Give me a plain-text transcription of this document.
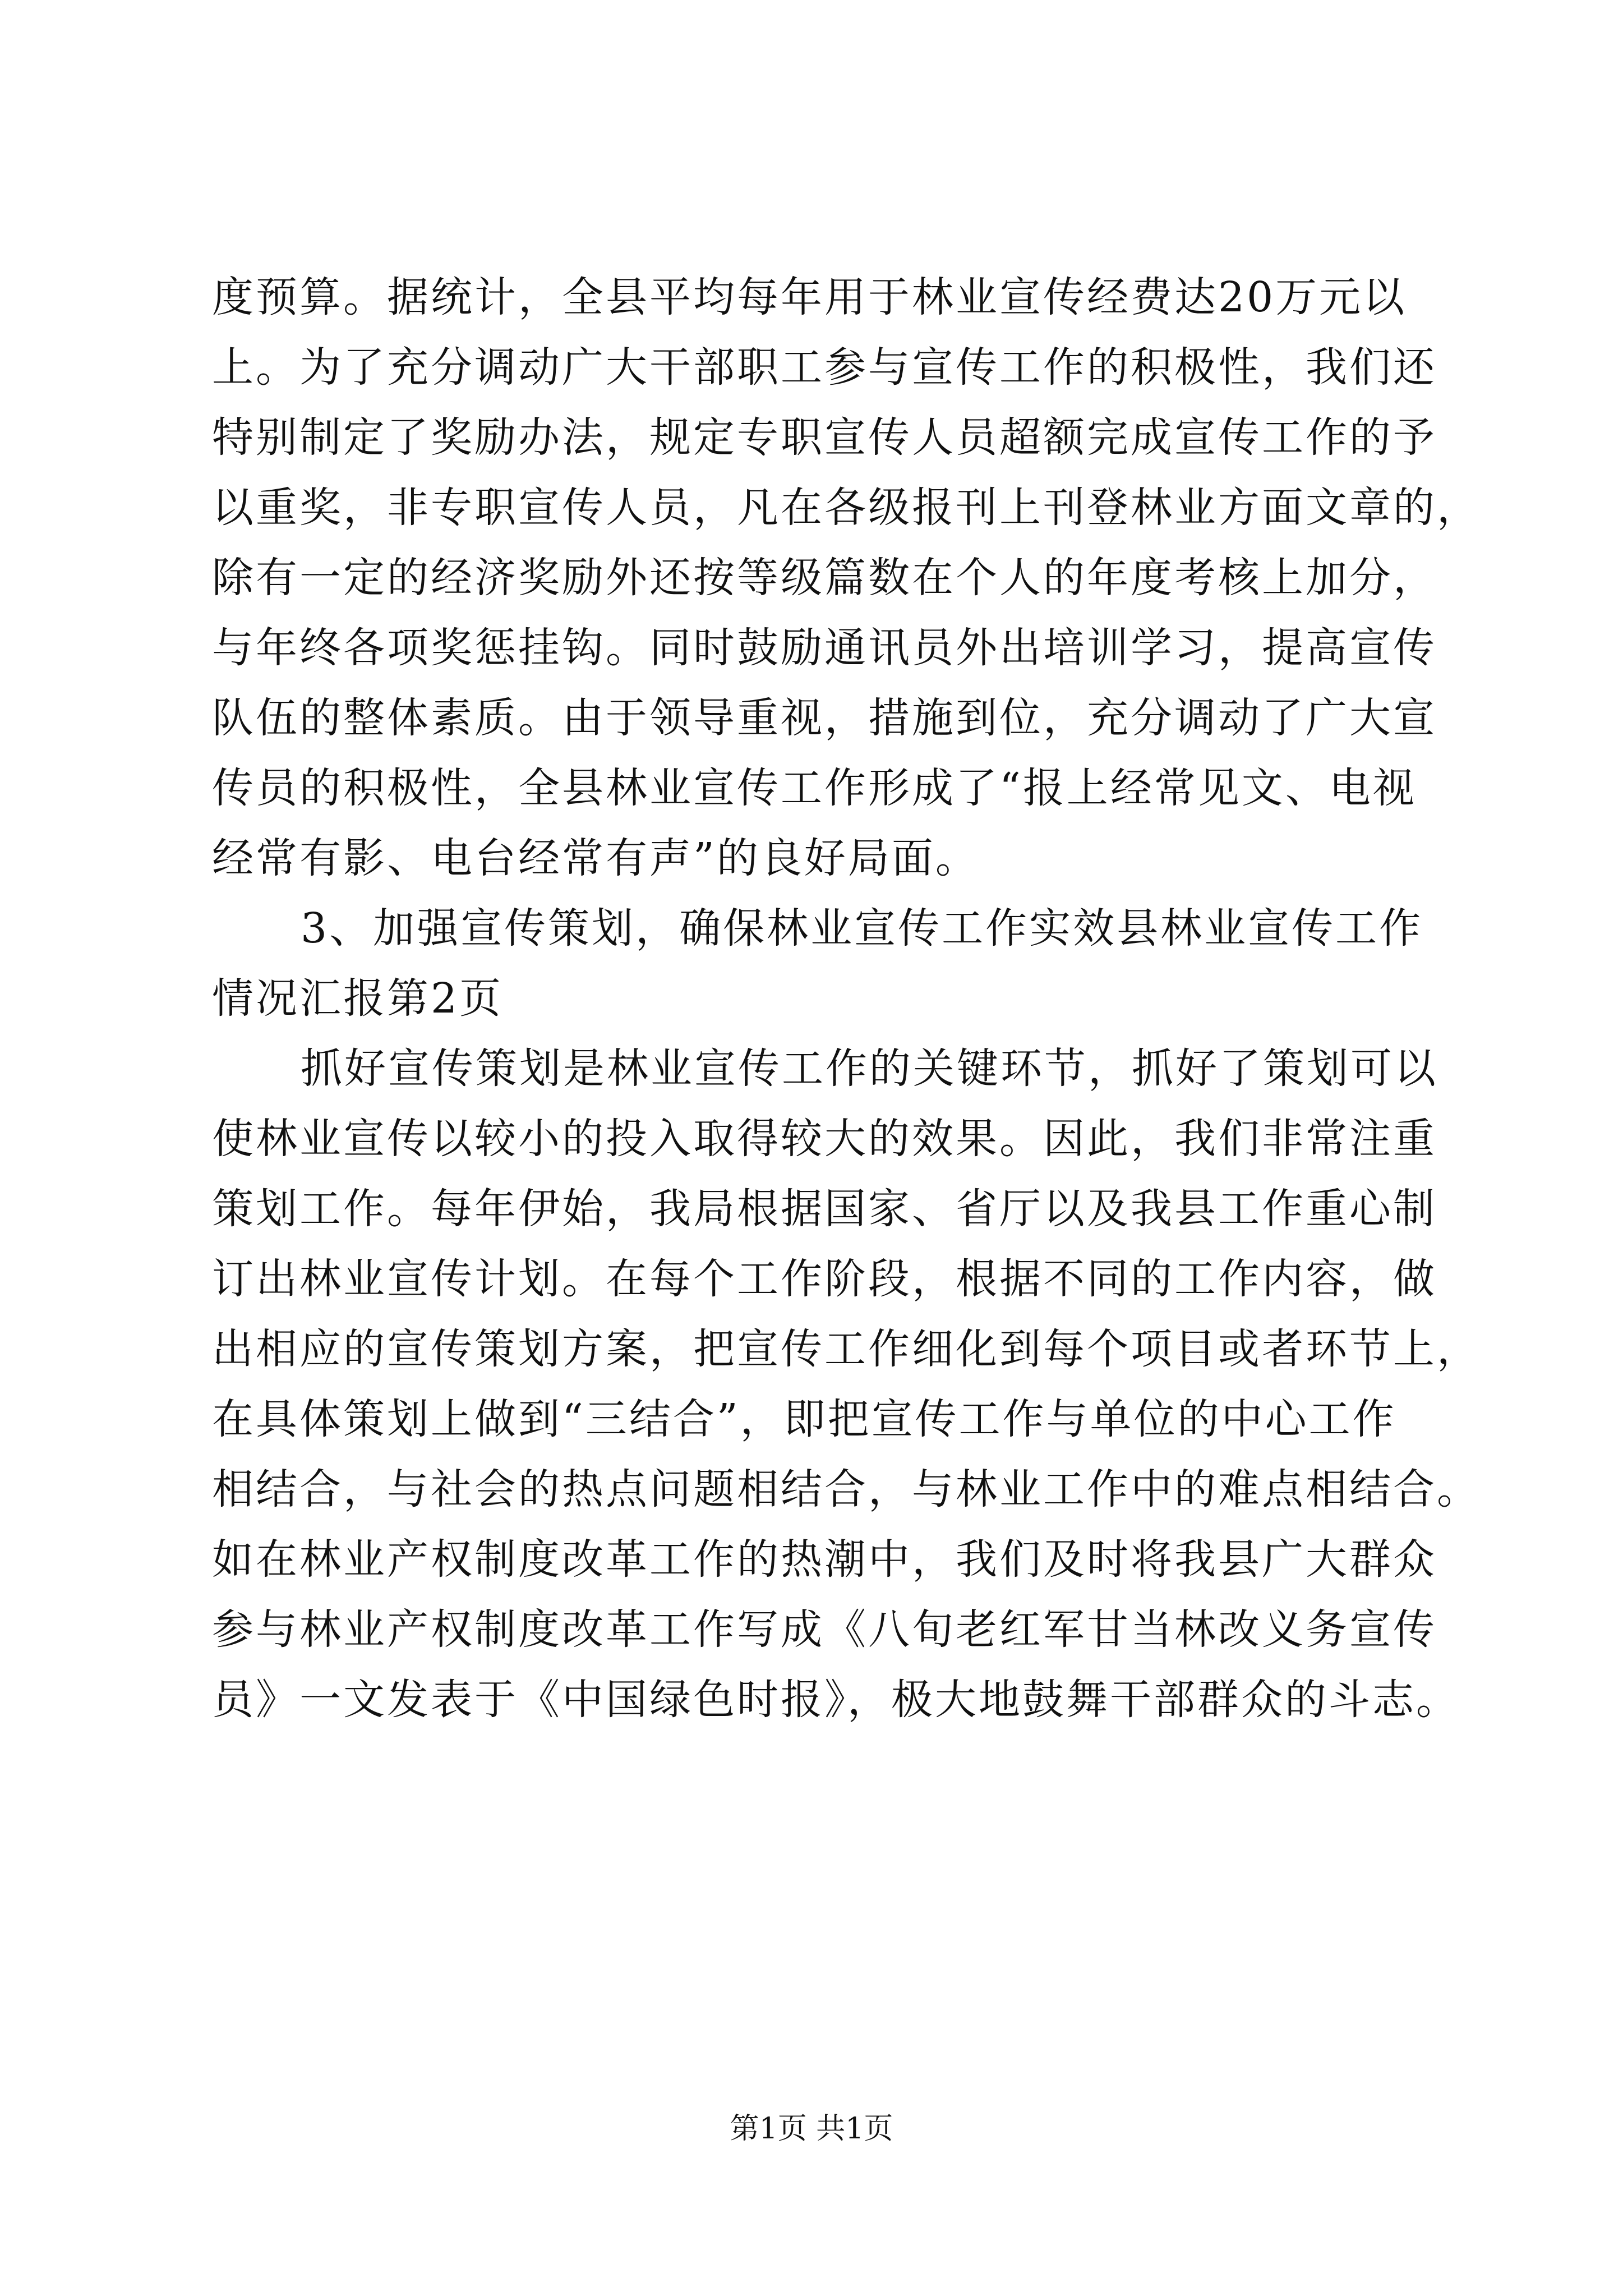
度预算。据统计，全县平均每年用于林业宣传经费达20万元以
上。为了充分调动广大干部职工参与宣传工作的积极性，我们还
特别制定了奖励办法，规定专职宣传人员超额完成宣传工作的予
以重奖，非专职宣传人员，凡在各级报刊上刊登林业方面文章的，
除有一定的经济奖励外还按等级篇数在个人的年度考核上加分，
与年终各项奖惩挂钩。同时鼓励通讯员外出培训学习，提高宣传
队伍的整体素质。由于领导重视，措施到位，充分调动了广大宣
传员的积极性，全县林业宣传工作形成了“报上经常见文、电视
经常有影、电台经常有声”的良好局面。
3、加强宣传策划，确保林业宣传工作实效县林业宣传工作
情况汇报第2页
抓好宣传策划是林业宣传工作的关键环节，抓好了策划可以
使林业宣传以较小的投入取得较大的效果。因此，我们非常注重
策划工作。每年伊始，我局根据国家、省厅以及我县工作重心制
订出林业宣传计划。在每个工作阶段，根据不同的工作内容，做
出相应的宣传策划方案，把宣传工作细化到每个项目或者环节上，
在具体策划上做到“三结合”，即把宣传工作与单位的中心工作
相结合，与社会的热点问题相结合，与林业工作中的难点相结合。
如在林业产权制度改革工作的热潮中，我们及时将我县广大群众
参与林业产权制度改革工作写成《八旬老红军甘当林改义务宣传
员》一文发表于《中国绿色时报》，极大地鼓舞干部群众的斗志。
第1页 共1页
